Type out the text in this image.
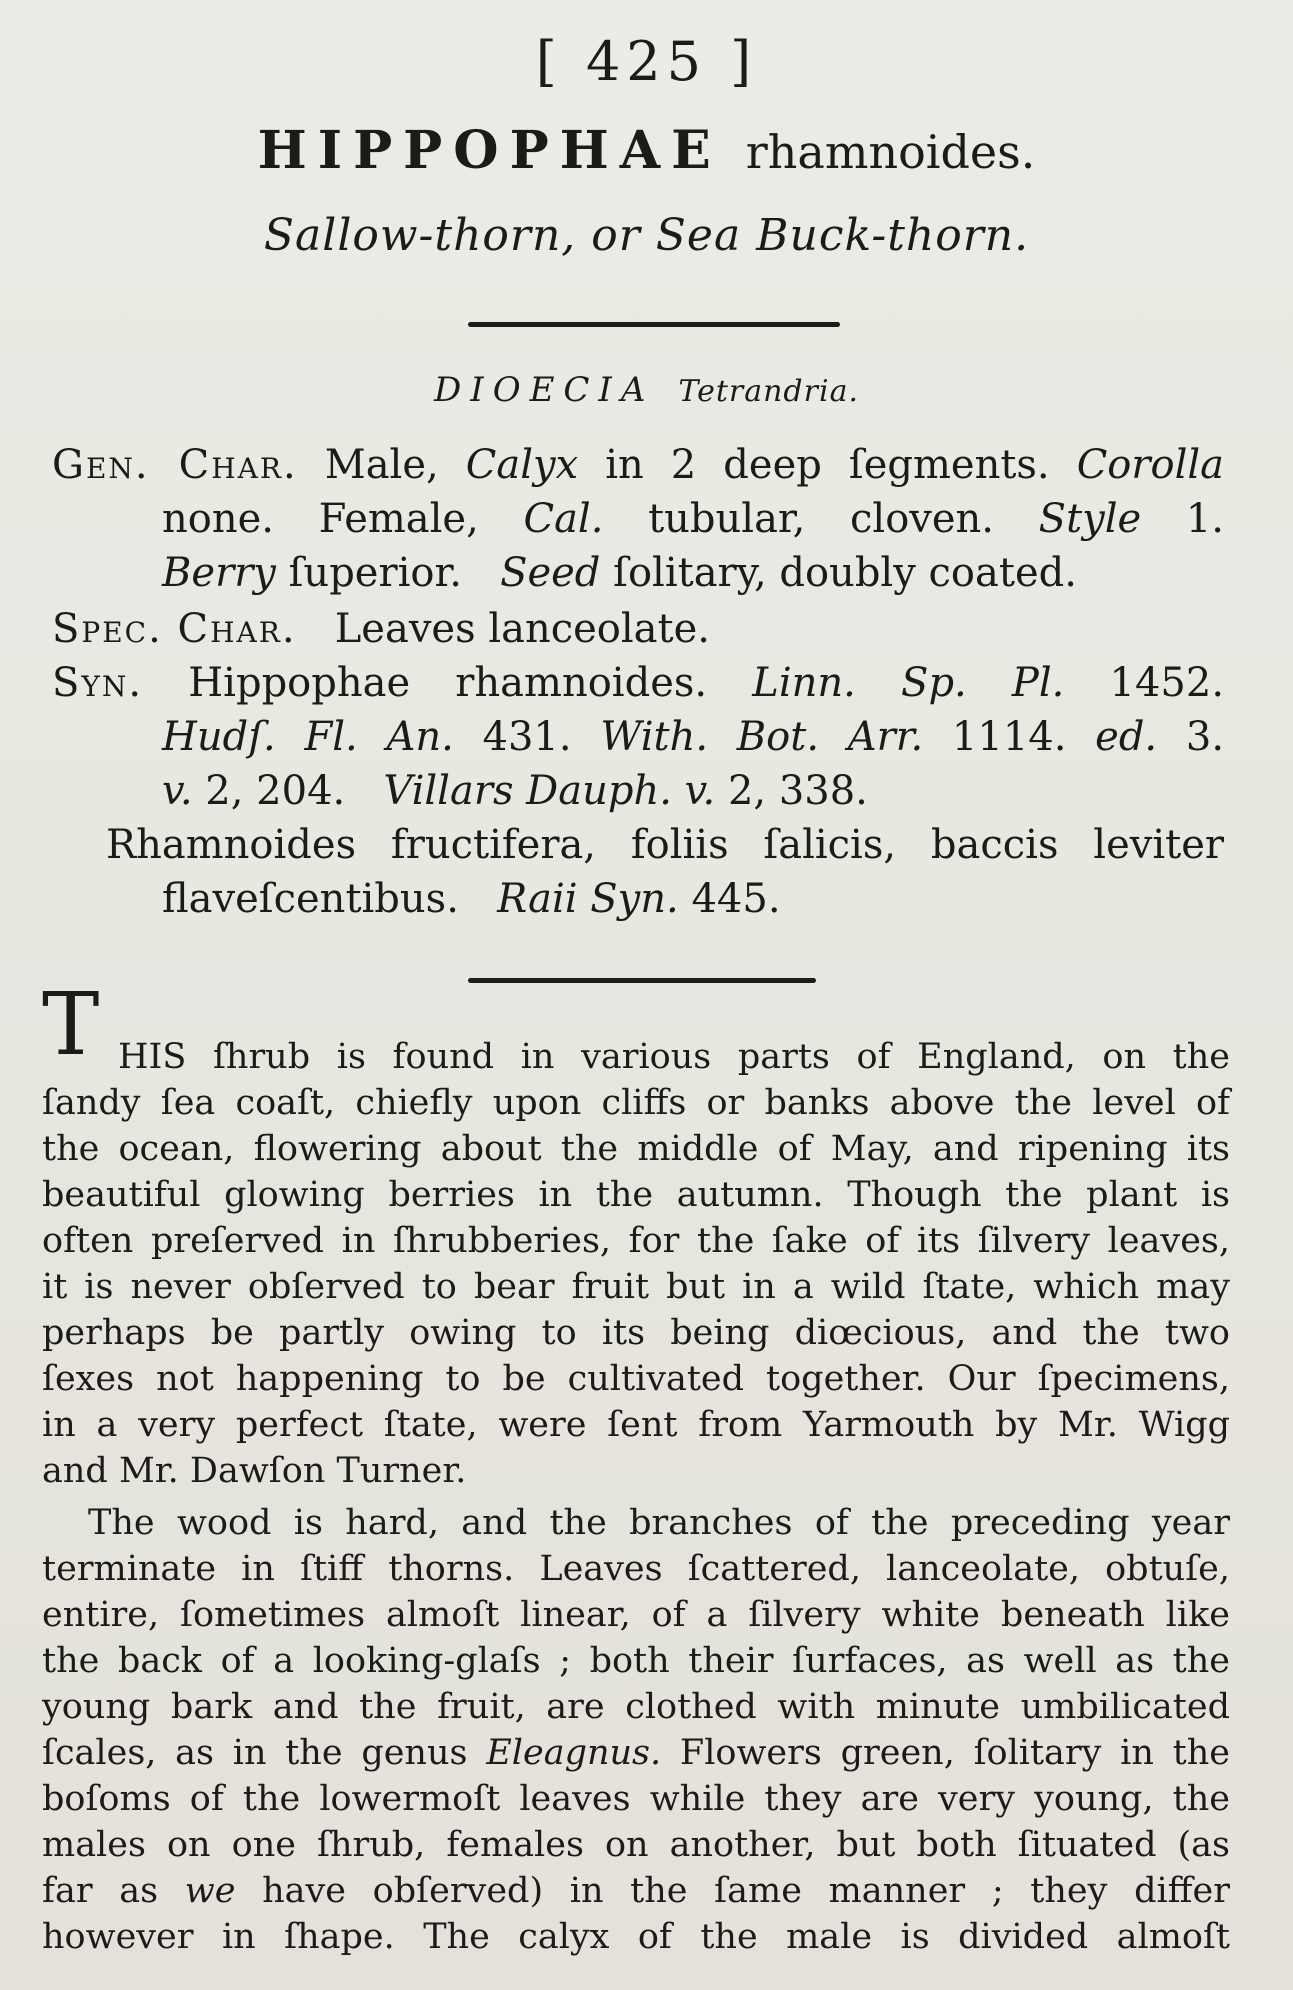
[ 425 ]
HIPPOPHAE rhamnoides.
Sallow-thorn, or Sea Buck-thorn.
DIOECIA Tetrandria.
Gen. Char. Male, Calyx in 2 deep ſegments. Corolla
none. Female, Cal. tubular, cloven. Style 1.
Berry ſuperior. Seed ſolitary, doubly coated.
Spec. Char. Leaves lanceolate.
Syn. Hippophae rhamnoides. Linn. Sp. Pl. 1452.
Hudſ. Fl. An. 431. With. Bot. Arr. 1114. ed. 3.
v. 2, 204. Villars Dauph. v. 2, 338.
Rhamnoides fructifera, foliis ſalicis, baccis leviter
flaveſcentibus. Raii Syn. 445.
T HIS ſhrub is found in various parts of England, on the
ſandy ſea coaſt, chiefly upon cliffs or banks above the level of
the ocean, flowering about the middle of May, and ripening its
beautiful glowing berries in the autumn. Though the plant is
often preſerved in ſhrubberies, for the ſake of its ſilvery leaves,
it is never obſerved to bear fruit but in a wild ſtate, which may
perhaps be partly owing to its being diœcious, and the two
ſexes not happening to be cultivated together. Our ſpecimens,
in a very perfect ſtate, were ſent from Yarmouth by Mr. Wigg
and Mr. Dawſon Turner.
The wood is hard, and the branches of the preceding year
terminate in ſtiff thorns. Leaves ſcattered, lanceolate, obtuſe,
entire, ſometimes almoſt linear, of a ſilvery white beneath like
the back of a looking-glaſs ; both their ſurfaces, as well as the
young bark and the fruit, are clothed with minute umbilicated
ſcales, as in the genus Eleagnus. Flowers green, ſolitary in the
boſoms of the lowermoſt leaves while they are very young, the
males on one ſhrub, females on another, but both ſituated (as
far as we have obſerved) in the ſame manner ; they differ
however in ſhape. The calyx of the male is divided almoſt
